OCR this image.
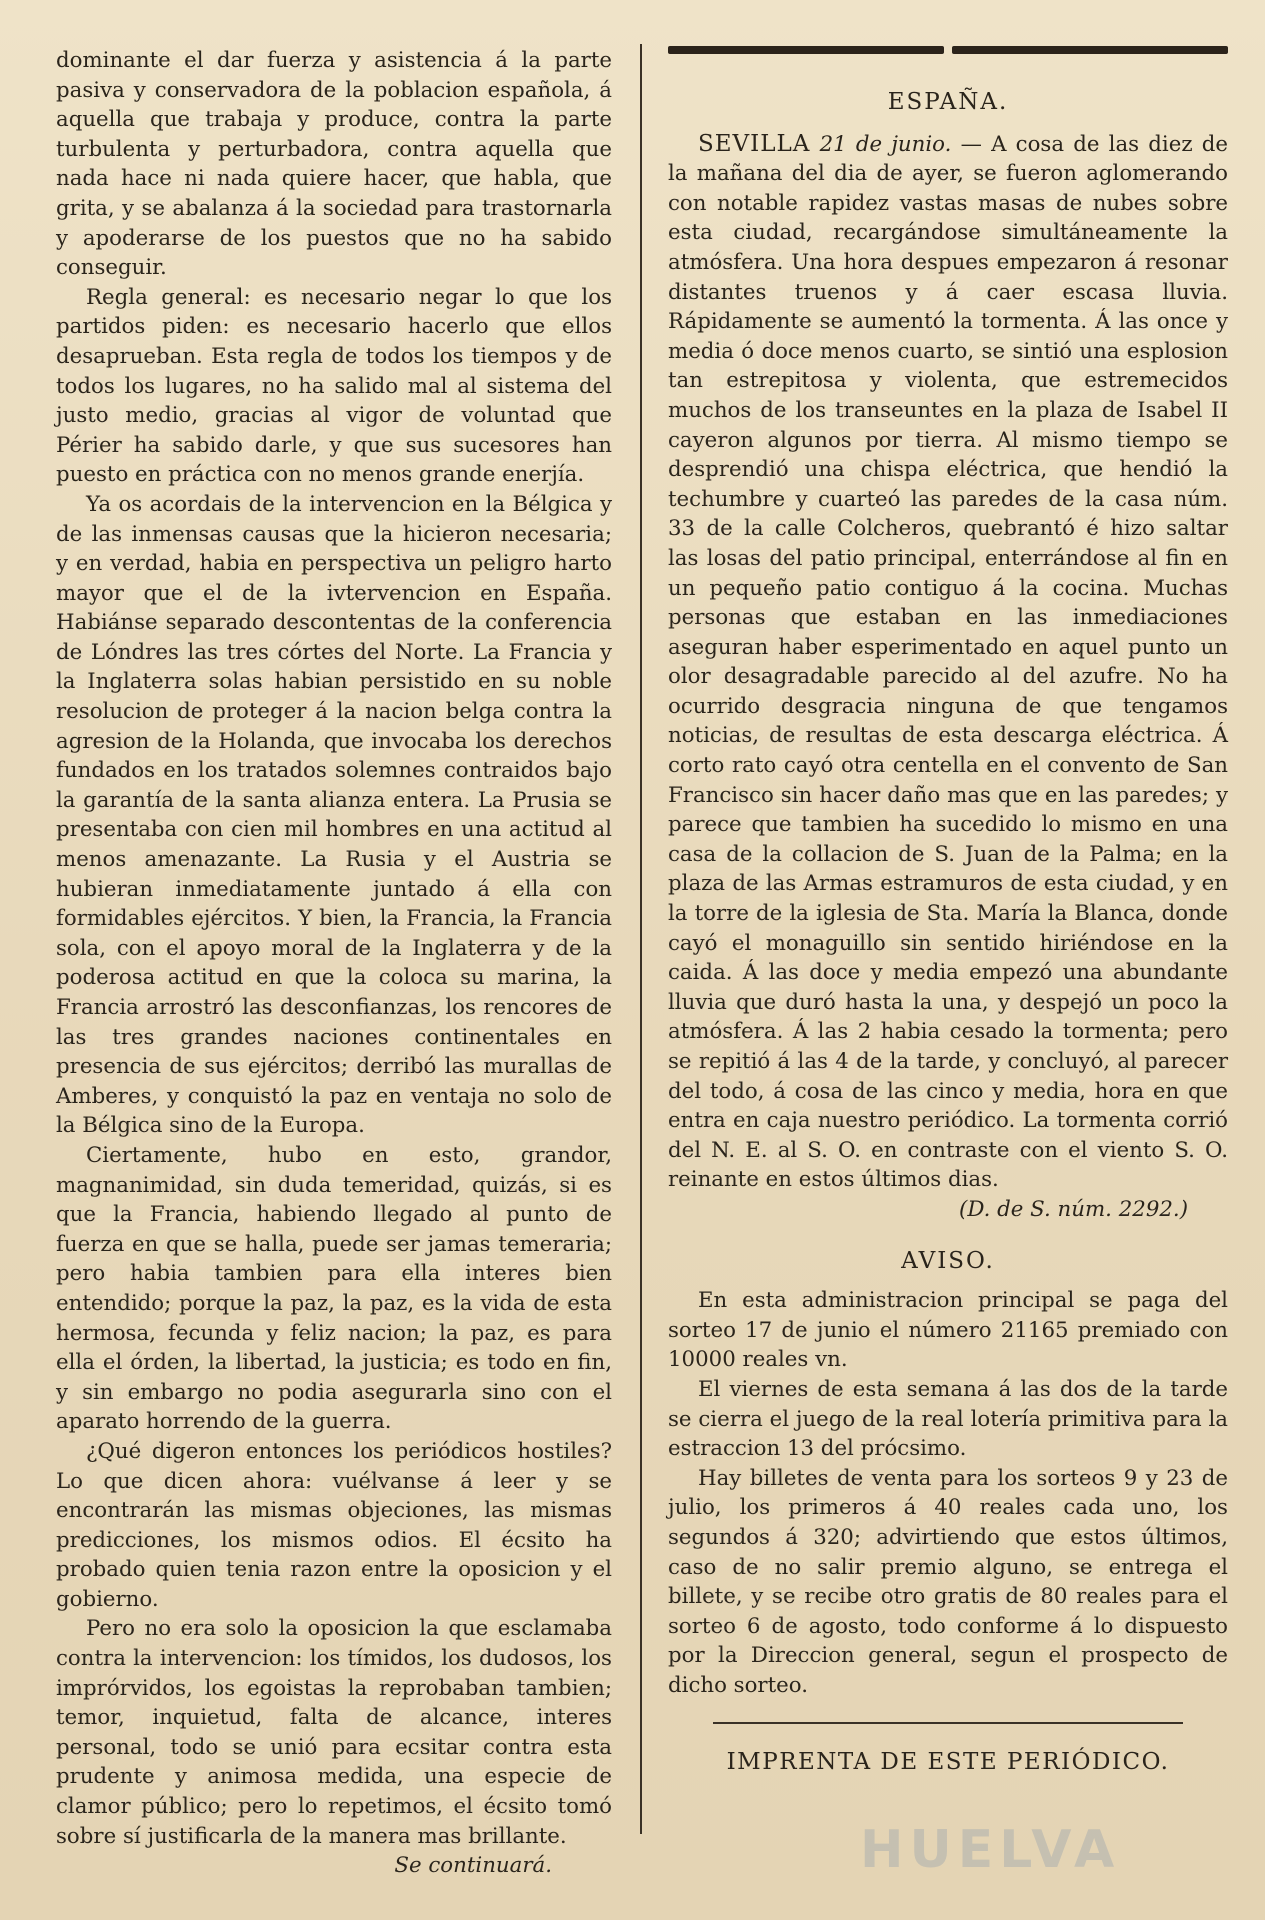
dominante el dar fuerza y asistencia á la parte pasiva y conservadora de la poblacion española, á aquella que trabaja y produce, contra la parte turbulenta y perturbadora, contra aquella que nada hace ni nada quiere hacer, que habla, que grita, y se abalanza á la sociedad para trastornarla y apoderarse de los puestos que no ha sabido conseguir.

Regla general: es necesario negar lo que los partidos piden: es necesario hacerlo que ellos desaprueban. Esta regla de todos los tiempos y de todos los lugares, no ha salido mal al sistema del justo medio, gracias al vigor de voluntad que Périer ha sabido darle, y que sus sucesores han puesto en práctica con no menos grande enerjía.

Ya os acordais de la intervencion en la Bélgica y de las inmensas causas que la hicieron necesaria; y en verdad, habia en perspectiva un peligro harto mayor que el de la ivtervencion en España. Habiánse separado descontentas de la conferencia de Lóndres las tres córtes del Norte. La Francia y la Inglaterra solas habian persistido en su noble resolucion de proteger á la nacion belga contra la agresion de la Holanda, que invocaba los derechos fundados en los tratados solemnes contraidos bajo la garantía de la santa alianza entera. La Prusia se presentaba con cien mil hombres en una actitud al menos amenazante. La Rusia y el Austria se hubieran inmediatamente juntado á ella con formidables ejércitos. Y bien, la Francia, la Francia sola, con el apoyo moral de la Inglaterra y de la poderosa actitud en que la coloca su marina, la Francia arrostró las desconfianzas, los rencores de las tres grandes naciones continentales en presencia de sus ejércitos; derribó las murallas de Amberes, y conquistó la paz en ventaja no solo de la Bélgica sino de la Europa.

Ciertamente, hubo en esto, grandor, magnanimidad, sin duda temeridad, quizás, si es que la Francia, habiendo llegado al punto de fuerza en que se halla, puede ser jamas temeraria; pero habia tambien para ella interes bien entendido; porque la paz, la paz, es la vida de esta hermosa, fecunda y feliz nacion; la paz, es para ella el órden, la libertad, la justicia; es todo en fin, y sin embargo no podia asegurarla sino con el aparato horrendo de la guerra.

¿Qué digeron entonces los periódicos hostiles? Lo que dicen ahora: vuélvanse á leer y se encontrarán las mismas objeciones, las mismas predicciones, los mismos odios. El écsito ha probado quien tenia razon entre la oposicion y el gobierno.

Pero no era solo la oposicion la que esclamaba contra la intervencion: los tímidos, los dudosos, los imprórvidos, los egoistas la reprobaban tambien; temor, inquietud, falta de alcance, interes personal, todo se unió para ecsitar contra esta prudente y animosa medida, una especie de clamor público; pero lo repetimos, el écsito tomó sobre sí justificarla de la manera mas brillante.

Se continuará.

ESPAÑA.

SEVILLA 21 de junio. — A cosa de las diez de la mañana del dia de ayer, se fueron aglomerando con notable rapidez vastas masas de nubes sobre esta ciudad, recargándose simultáneamente la atmósfera. Una hora despues empezaron á resonar distantes truenos y á caer escasa lluvia. Rápidamente se aumentó la tormenta. Á las once y media ó doce menos cuarto, se sintió una esplosion tan estrepitosa y violenta, que estremecidos muchos de los transeuntes en la plaza de Isabel II cayeron algunos por tierra. Al mismo tiempo se desprendió una chispa eléctrica, que hendió la techumbre y cuarteó las paredes de la casa núm. 33 de la calle Colcheros, quebrantó é hizo saltar las losas del patio principal, enterrándose al fin en un pequeño patio contiguo á la cocina. Muchas personas que estaban en las inmediaciones aseguran haber esperimentado en aquel punto un olor desagradable parecido al del azufre. No ha ocurrido desgracia ninguna de que tengamos noticias, de resultas de esta descarga eléctrica. Á corto rato cayó otra centella en el convento de San Francisco sin hacer daño mas que en las paredes; y parece que tambien ha sucedido lo mismo en una casa de la collacion de S. Juan de la Palma; en la plaza de las Armas estramuros de esta ciudad, y en la torre de la iglesia de Sta. María la Blanca, donde cayó el monaguillo sin sentido hiriéndose en la caida. Á las doce y media empezó una abundante lluvia que duró hasta la una, y despejó un poco la atmósfera. Á las 2 habia cesado la tormenta; pero se repitió á las 4 de la tarde, y concluyó, al parecer del todo, á cosa de las cinco y media, hora en que entra en caja nuestro periódico. La tormenta corrió del N. E. al S. O. en contraste con el viento S. O. reinante en estos últimos dias.

(D. de S. núm. 2292.)

AVISO.

En esta administracion principal se paga del sorteo 17 de junio el número 21165 premiado con 10000 reales vn.

El viernes de esta semana á las dos de la tarde se cierra el juego de la real lotería primitiva para la estraccion 13 del prócsimo.

Hay billetes de venta para los sorteos 9 y 23 de julio, los primeros á 40 reales cada uno, los segundos á 320; advirtiendo que estos últimos, caso de no salir premio alguno, se entrega el billete, y se recibe otro gratis de 80 reales para el sorteo 6 de agosto, todo conforme á lo dispuesto por la Direccion general, segun el prospecto de dicho sorteo.

IMPRENTA DE ESTE PERIÓDICO.
HUELVA
